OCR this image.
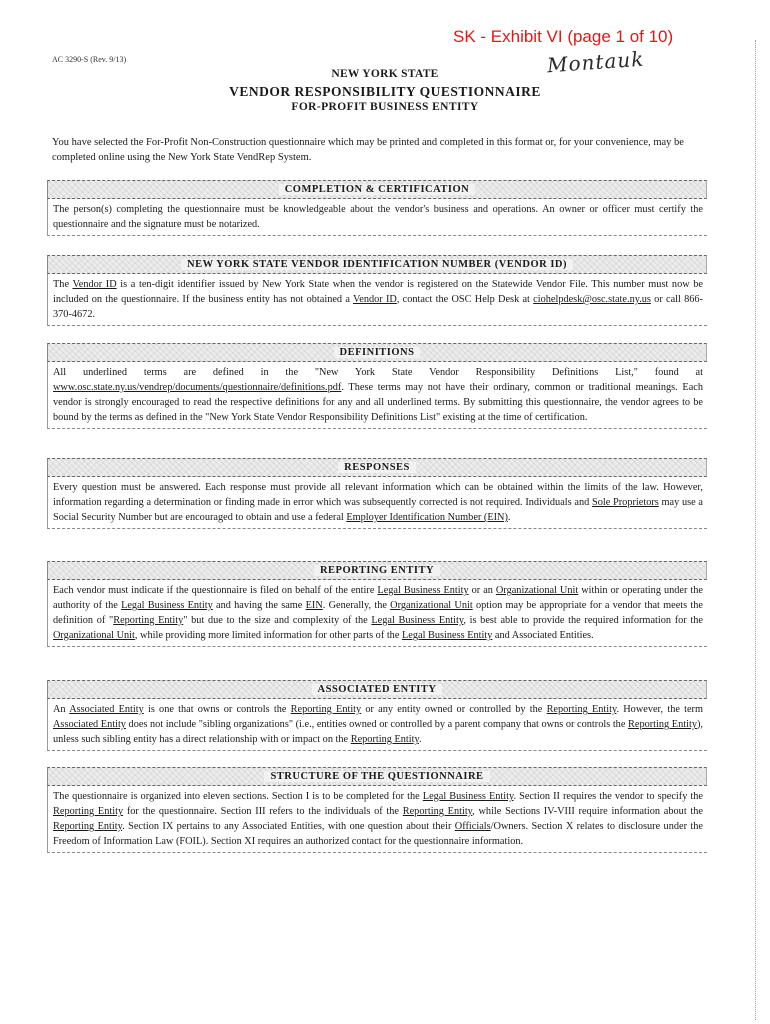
SK - Exhibit VI (page 1 of 10)
Montauk
AC 3290-S (Rev. 9/13)
NEW YORK STATE
VENDOR RESPONSIBILITY QUESTIONNAIRE
FOR-PROFIT BUSINESS ENTITY
You have selected the For-Profit Non-Construction questionnaire which may be printed and completed in this format or, for your convenience, may be completed online using the New York State VendRep System.
COMPLETION & CERTIFICATION
The person(s) completing the questionnaire must be knowledgeable about the vendor's business and operations. An owner or officer must certify the questionnaire and the signature must be notarized.
NEW YORK STATE VENDOR IDENTIFICATION NUMBER (VENDOR ID)
The Vendor ID is a ten-digit identifier issued by New York State when the vendor is registered on the Statewide Vendor File. This number must now be included on the questionnaire. If the business entity has not obtained a Vendor ID, contact the OSC Help Desk at ciohelpdesk@osc.state.ny.us or call 866-370-4672.
DEFINITIONS
All underlined terms are defined in the "New York State Vendor Responsibility Definitions List," found at www.osc.state.ny.us/vendrep/documents/questionnaire/definitions.pdf. These terms may not have their ordinary, common or traditional meanings. Each vendor is strongly encouraged to read the respective definitions for any and all underlined terms. By submitting this questionnaire, the vendor agrees to be bound by the terms as defined in the "New York State Vendor Responsibility Definitions List" existing at the time of certification.
RESPONSES
Every question must be answered. Each response must provide all relevant information which can be obtained within the limits of the law. However, information regarding a determination or finding made in error which was subsequently corrected is not required. Individuals and Sole Proprietors may use a Social Security Number but are encouraged to obtain and use a federal Employer Identification Number (EIN).
REPORTING ENTITY
Each vendor must indicate if the questionnaire is filed on behalf of the entire Legal Business Entity or an Organizational Unit within or operating under the authority of the Legal Business Entity and having the same EIN. Generally, the Organizational Unit option may be appropriate for a vendor that meets the definition of "Reporting Entity" but due to the size and complexity of the Legal Business Entity, is best able to provide the required information for the Organizational Unit, while providing more limited information for other parts of the Legal Business Entity and Associated Entities.
ASSOCIATED ENTITY
An Associated Entity is one that owns or controls the Reporting Entity or any entity owned or controlled by the Reporting Entity. However, the term Associated Entity does not include "sibling organizations" (i.e., entities owned or controlled by a parent company that owns or controls the Reporting Entity), unless such sibling entity has a direct relationship with or impact on the Reporting Entity.
STRUCTURE OF THE QUESTIONNAIRE
The questionnaire is organized into eleven sections. Section I is to be completed for the Legal Business Entity. Section II requires the vendor to specify the Reporting Entity for the questionnaire. Section III refers to the individuals of the Reporting Entity, while Sections IV-VIII require information about the Reporting Entity. Section IX pertains to any Associated Entities, with one question about their Officials/Owners. Section X relates to disclosure under the Freedom of Information Law (FOIL). Section XI requires an authorized contact for the questionnaire information.
